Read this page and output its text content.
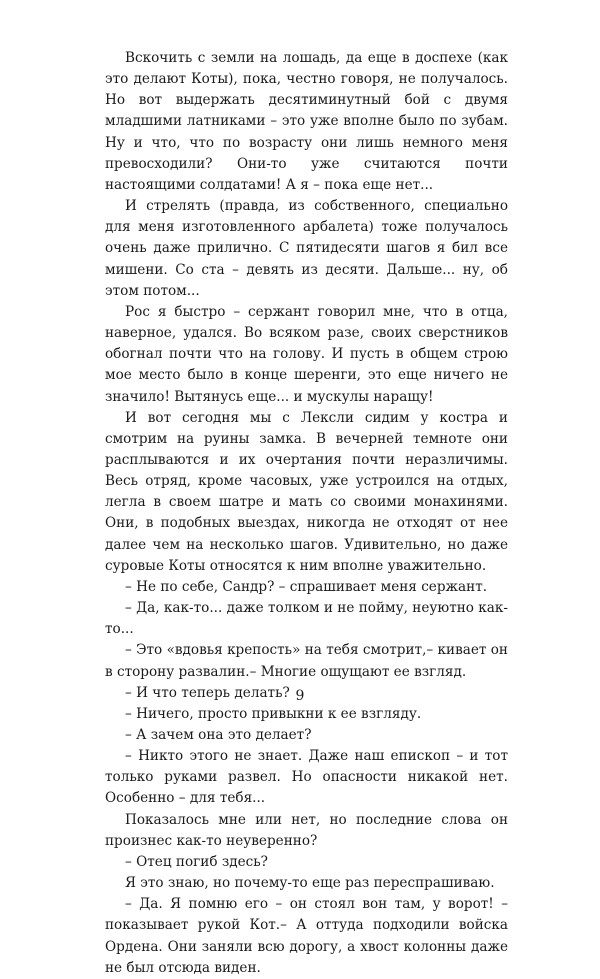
Вскочить с земли на лошадь, да еще в доспехе (как это делают Коты), пока, честно говоря, не получалось. Но вот выдержать десятиминутный бой с двумя младшими латниками – это уже вполне было по зубам. Ну и что, что по возрасту они лишь немного меня превосходили? Они-то уже считаются почти настоящими солдатами! А я – пока еще нет...

И стрелять (правда, из собственного, специально для меня изготовленного арбалета) тоже получалось очень даже прилично. С пятидесяти шагов я бил все мишени. Со ста – девять из десяти. Дальше... ну, об этом потом...

Рос я быстро – сержант говорил мне, что в отца, наверное, удался. Во всяком разе, своих сверстников обогнал почти что на голову. И пусть в общем строю мое место было в конце шеренги, это еще ничего не значило! Вытянусь еще... и мускулы наращу!

И вот сегодня мы с Лексли сидим у костра и смотрим на руины замка. В вечерней темноте они расплываются и их очертания почти неразличимы. Весь отряд, кроме часовых, уже устроился на отдых, легла в своем шатре и мать со своими монахинями. Они, в подобных выездах, никогда не отходят от нее далее чем на несколько шагов. Удивительно, но даже суровые Коты относятся к ним вполне уважительно.

– Не по себе, Сандр? – спрашивает меня сержант.

– Да, как-то... даже толком и не пойму, неуютно как-то...

– Это «вдовья крепость» на тебя смотрит,– кивает он в сторону развалин.– Многие ощущают ее взгляд.

– И что теперь делать?

– Ничего, просто привыкни к ее взгляду.

– А зачем она это делает?

– Никто этого не знает. Даже наш епископ – и тот только руками развел. Но опасности никакой нет. Особенно – для тебя...

Показалось мне или нет, но последние слова он произнес как-то неуверенно?

– Отец погиб здесь?

Я это знаю, но почему-то еще раз переспрашиваю.

– Да. Я помню его – он стоял вон там, у ворот! – показывает рукой Кот.– А оттуда подходили войска Ордена. Они заняли всю дорогу, а хвост колонны даже не был отсюда виден.

9
